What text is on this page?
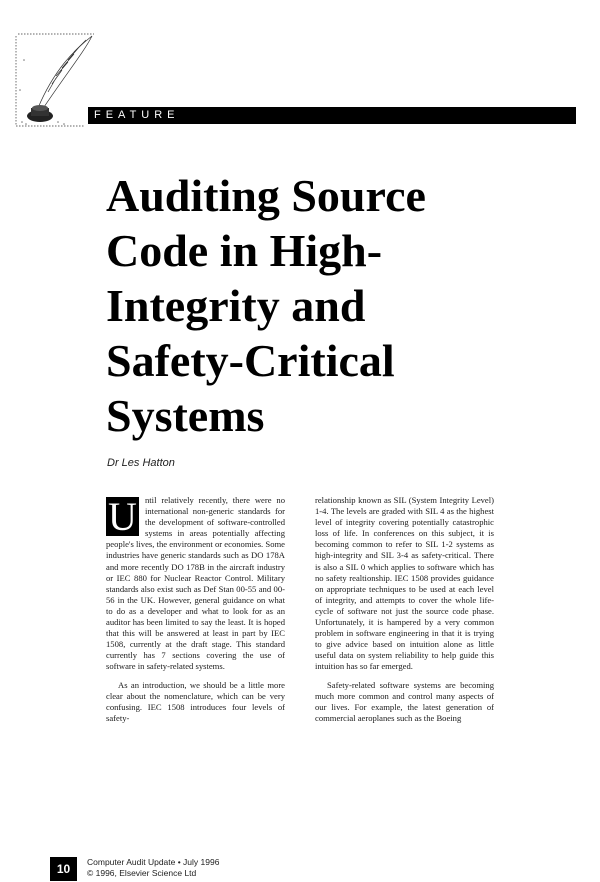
FEATURE
Auditing Source
Code in High-
Integrity and
Safety-Critical
Systems
Dr Les Hatton

U ntil relatively recently, there were no international non-generic standards for the development of software-controlled systems in areas potentially affecting people's lives, the environment or economies. Some industries have generic standards such as DO 178A and more recently DO 178B in the aircraft industry or IEC 880 for Nuclear Reactor Control. Military standards also exist such as Def Stan 00-55 and 00-56 in the UK. However, general guidance on what to do as a developer and what to look for as an auditor has been limited to say the least. It is hoped that this will be answered at least in part by IEC 1508, currently at the draft stage. This standard currently has 7 sections covering the use of software in safety-related systems.

As an introduction, we should be a little more clear about the nomenclature, which can be very confusing. IEC 1508 introduces four levels of safety-

relationship known as SIL (System Integrity Level) 1-4. The levels are graded with SIL 4 as the highest level of integrity covering potentially catastrophic loss of life. In conferences on this subject, it is becoming common to refer to SIL 1-2 systems as high-integrity and SIL 3-4 as safety-critical. There is also a SIL 0 which applies to software which has no safety realtionship. IEC 1508 provides guidance on appropriate techniques to be used at each level of integrity, and attempts to cover the whole life-cycle of software not just the source code phase. Unfortunately, it is hampered by a very common problem in software engineering in that it is trying to give advice based on intuition alone as little useful data on system reliability to help guide this intuition has so far emerged.

Safety-related software systems are becoming much more common and control many aspects of our lives. For example, the latest generation of commercial aeroplanes such as the Boeing

10	Computer Audit Update • July 1996
© 1996, Elsevier Science Ltd
